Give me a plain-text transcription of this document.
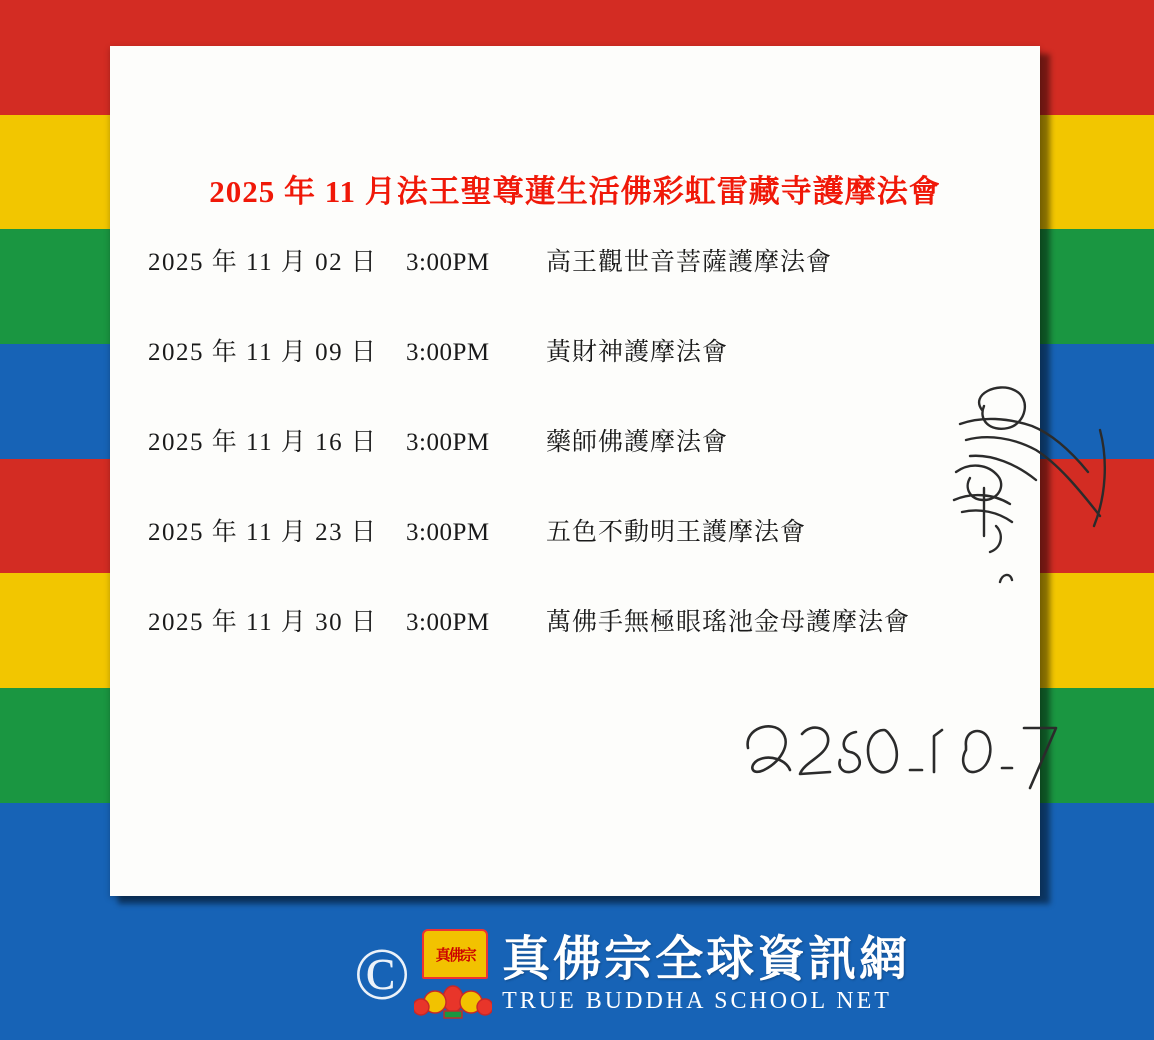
2025 年 11 月法王聖尊蓮生活佛彩虹雷藏寺護摩法會
2025 年 11 月 02 日	3:00PM	高王觀世音菩薩護摩法會
2025 年 11 月 09 日	3:00PM	黃財神護摩法會
2025 年 11 月 16 日	3:00PM	藥師佛護摩法會
2025 年 11 月 23 日	3:00PM	五色不動明王護摩法會
2025 年 11 月 30 日	3:00PM	萬佛手無極眼瑤池金母護摩法會
©	真佛宗 真佛宗全球資訊網
TRUE BUDDHA SCHOOL NET
